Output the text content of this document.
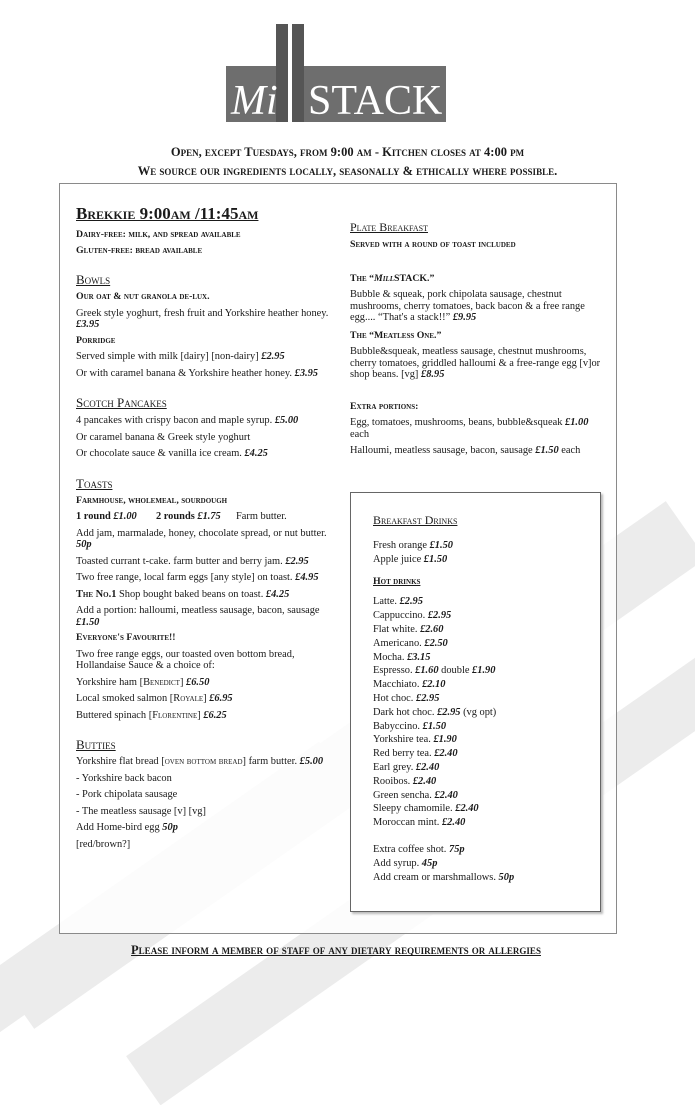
Mi STACK
Open, except Tuesdays, from 9:00 am - Kitchen closes at 4:00 pm
We source our ingredients locally, seasonally & ethically where possible.
Brekkie 9:00am /11:45am
Dairy-free: milk, and spread available
Gluten-free: bread available
Bowls
Our oat & nut granola de-lux.
Greek style yoghurt, fresh fruit and Yorkshire heather honey. £3.95
Porridge
Served simple with milk [dairy] [non-dairy] £2.95
Or with caramel banana & Yorkshire heather honey. £3.95
Scotch Pancakes
4 pancakes with crispy bacon and maple syrup. £5.00
Or caramel banana & Greek style yoghurt
Or chocolate sauce & vanilla ice cream. £4.25
Toasts
Farmhouse, wholemeal, sourdough
1 round £1.00 2 rounds £1.75 Farm butter.
Add jam, marmalade, honey, chocolate spread, or nut butter. 50p
Toasted currant t-cake. farm butter and berry jam. £2.95
Two free range, local farm eggs [any style] on toast. £4.95
The No.1 Shop bought baked beans on toast. £4.25
Add a portion: halloumi, meatless sausage, bacon, sausage £1.50
Everyone's Favourite!!
Two free range eggs, our toasted oven bottom bread, Hollandaise Sauce & a choice of:
Yorkshire ham [Benedict] £6.50
Local smoked salmon [Royale] £6.95
Buttered spinach [Florentine] £6.25
Butties
Yorkshire flat bread [oven bottom bread] farm butter. £5.00
- Yorkshire back bacon
- Pork chipolata sausage
- The meatless sausage [v] [vg]
Add Home-bird egg 50p
[red/brown?]
Plate Breakfast
Served with a round of toast included
The “MillSTACK.”
Bubble & squeak, pork chipolata sausage, chestnut mushrooms, cherry tomatoes, back bacon & a free range egg.... “That's a stack!!” £9.95
The “Meatless One.”
Bubble&squeak, meatless sausage, chestnut mushrooms, cherry tomatoes, griddled halloumi & a free-range egg [v]or shop beans. [vg] £8.95
Extra portions:
Egg, tomatoes, mushrooms, beans, bubble&squeak £1.00 each
Halloumi, meatless sausage, bacon, sausage £1.50 each
Breakfast Drinks
Fresh orange £1.50
Apple juice £1.50
Hot drinks
Latte. £2.95
Cappuccino. £2.95
Flat white. £2.60
Americano. £2.50
Mocha. £3.15
Espresso. £1.60 double £1.90
Macchiato. £2.10
Hot choc. £2.95
Dark hot choc. £2.95 (vg opt)
Babyccino. £1.50
Yorkshire tea. £1.90
Red berry tea. £2.40
Earl grey. £2.40
Rooibos. £2.40
Green sencha. £2.40
Sleepy chamomile. £2.40
Moroccan mint. £2.40
Extra coffee shot. 75p
Add syrup. 45p
Add cream or marshmallows. 50p
Please inform a member of staff of any dietary requirements or allergies
